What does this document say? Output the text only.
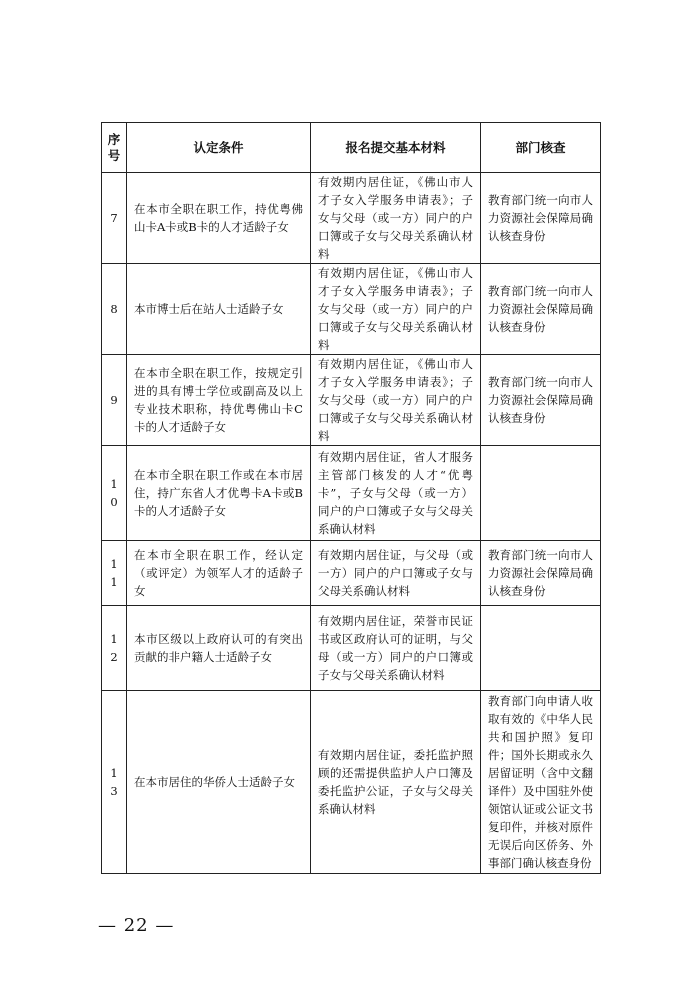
序号	认定条件	报名提交基本材料	部门核查
7	在本市全职在职工作，持优粤佛山卡A卡或B卡的人才适龄子女	有效期内居住证，《佛山市人才子女入学服务申请表》；子女与父母（或一方）同户的户口簿或子女与父母关系确认材料	教育部门统一向市人力资源社会保障局确认核查身份
8	本市博士后在站人士适龄子女	有效期内居住证，《佛山市人才子女入学服务申请表》；子女与父母（或一方）同户的户口簿或子女与父母关系确认材料	教育部门统一向市人力资源社会保障局确认核查身份
9	在本市全职在职工作，按规定引进的具有博士学位或副高及以上专业技术职称，持优粤佛山卡C卡的人才适龄子女	有效期内居住证，《佛山市人才子女入学服务申请表》；子女与父母（或一方）同户的户口簿或子女与父母关系确认材料	教育部门统一向市人力资源社会保障局确认核查身份
10	在本市全职在职工作或在本市居住，持广东省人才优粤卡A卡或B卡的人才适龄子女	有效期内居住证，省人才服务主管部门核发的人才“优粤卡”，子女与父母（或一方）同户的户口簿或子女与父母关系确认材料	
11	在本市全职在职工作，经认定（或评定）为领军人才的适龄子女	有效期内居住证，与父母（或一方）同户的户口簿或子女与父母关系确认材料	教育部门统一向市人力资源社会保障局确认核查身份
12	本市区级以上政府认可的有突出贡献的非户籍人士适龄子女	有效期内居住证，荣誉市民证书或区政府认可的证明，与父母（或一方）同户的户口簿或子女与父母关系确认材料	
13	在本市居住的华侨人士适龄子女	有效期内居住证，委托监护照顾的还需提供监护人户口簿及委托监护公证，子女与父母关系确认材料	教育部门向申请人收取有效的《中华人民共和国护照》复印件；国外长期或永久居留证明（含中文翻译件）及中国驻外使领馆认证或公证文书复印件，并核对原件无误后向区侨务、外事部门确认核查身份
— 22 —
